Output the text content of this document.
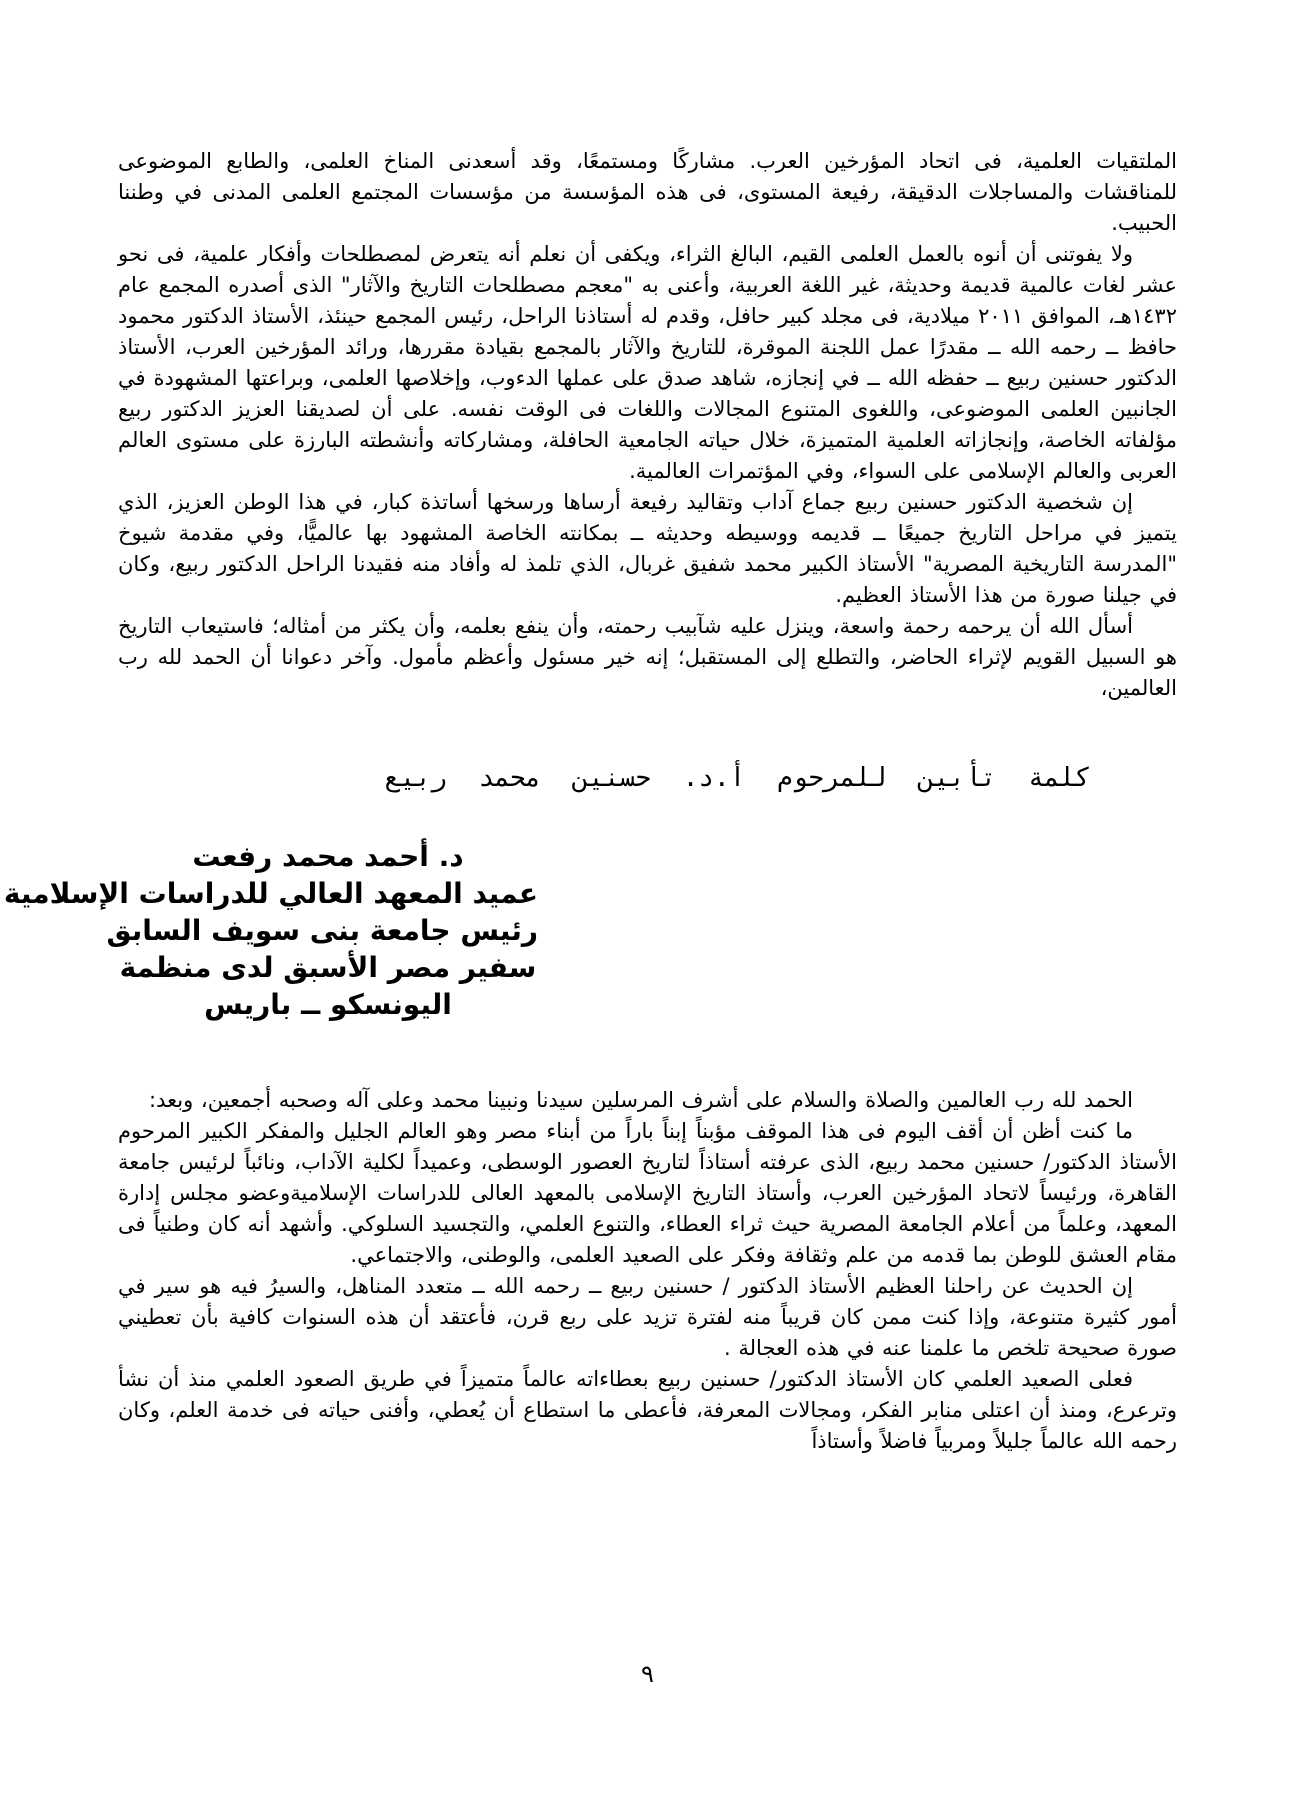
الملتقيات العلمية، فى اتحاد المؤرخين العرب. مشاركًا ومستمعًا، وقد أسعدنى المناخ العلمى، والطابع الموضوعى للمناقشات والمساجلات الدقيقة، رفيعة المستوى، فى هذه المؤسسة من مؤسسات المجتمع العلمى المدنى في وطننا الحبيب.

ولا يفوتنى أن أنوه بالعمل العلمى القيم، البالغ الثراء، ويكفى أن نعلم أنه يتعرض لمصطلحات وأفكار علمية، فى نحو عشر لغات عالمية قديمة وحديثة، غير اللغة العربية، وأعنى به "معجم مصطلحات التاريخ والآثار" الذى أصدره المجمع عام ١٤٣٢هـ، الموافق ٢٠١١ ميلادية، فى مجلد كبير حافل، وقدم له أستاذنا الراحل، رئيس المجمع حينئذ، الأستاذ الدكتور محمود حافظ ــ رحمه الله ــ مقدرًا عمل اللجنة الموقرة، للتاريخ والآثار بالمجمع بقيادة مقررها، ورائد المؤرخين العرب، الأستاذ الدكتور حسنين ربيع ــ حفظه الله ــ في إنجازه، شاهد صدق على عملها الدءوب، وإخلاصها العلمى، وبراعتها المشهودة في الجانبين العلمى الموضوعى، واللغوى المتنوع المجالات واللغات فى الوقت نفسه. على أن لصديقنا العزيز الدكتور ربيع مؤلفاته الخاصة، وإنجازاته العلمية المتميزة، خلال حياته الجامعية الحافلة، ومشاركاته وأنشطته البارزة على مستوى العالم العربى والعالم الإسلامى على السواء، وفي المؤتمرات العالمية.

إن شخصية الدكتور حسنين ربيع جماع آداب وتقاليد رفيعة أرساها ورسخها أساتذة كبار، في هذا الوطن العزيز، الذي يتميز في مراحل التاريخ جميعًا ــ قديمه ووسيطه وحديثه ــ بمكانته الخاصة المشهود بها عالميًّا، وفي مقدمة شيوخ "المدرسة التاريخية المصرية" الأستاذ الكبير محمد شفيق غربال، الذي تلمذ له وأفاد منه فقيدنا الراحل الدكتور ربيع، وكان في جيلنا صورة من هذا الأستاذ العظيم.

أسأل الله أن يرحمه رحمة واسعة، وينزل عليه شآبيب رحمته، وأن ينفع بعلمه، وأن يكثر من أمثاله؛ فاستيعاب التاريخ هو السبيل القويم لإثراء الحاضر، والتطلع إلى المستقبل؛ إنه خير مسئول وأعظم مأمول. وآخر دعوانا أن الحمد لله رب العالمين،

كلمة تأبين للمرحوم أ.د. حسنين محمد ربيع
د. أحمد محمد رفعت
عميد المعهد العالي للدراسات الإسلامية
رئيس جامعة بنى سويف السابق
سفير مصر الأسبق لدى منظمة
اليونسكو ــ باريس

الحمد لله رب العالمين والصلاة والسلام على أشرف المرسلين سيدنا ونبينا محمد وعلى آله وصحبه أجمعين، وبعد:

ما كنت أظن أن أقف اليوم فى هذا الموقف مؤبناً إبناً باراً من أبناء مصر وهو العالم الجليل والمفكر الكبير المرحوم الأستاذ الدكتور/ حسنين محمد ربيع، الذى عرفته أستاذاً لتاريخ العصور الوسطى، وعميداً لكلية الآداب، ونائباً لرئيس جامعة القاهرة، ورئيساً لاتحاد المؤرخين العرب، وأستاذ التاريخ الإسلامى بالمعهد العالى للدراسات الإسلاميةوعضو مجلس إدارة المعهد، وعلماً من أعلام الجامعة المصرية حيث ثراء العطاء، والتنوع العلمي، والتجسيد السلوكي. وأشهد أنه كان وطنياً فى مقام العشق للوطن بما قدمه من علم وثقافة وفكر على الصعيد العلمى، والوطنى، والاجتماعي.

إن الحديث عن راحلنا العظيم الأستاذ الدكتور / حسنين ربيع ــ رحمه الله ــ متعدد المناهل، والسيرُ فيه هو سير في أمور كثيرة متنوعة، وإذا كنت ممن كان قريباً منه لفترة تزيد على ربع قرن، فأعتقد أن هذه السنوات كافية بأن تعطيني صورة صحيحة تلخص ما علمنا عنه في هذه العجالة .

فعلى الصعيد العلمي كان الأستاذ الدكتور/ حسنين ربيع بعطاءاته عالماً متميزاً في طريق الصعود العلمي منذ أن نشأ وترعرع، ومنذ أن اعتلى منابر الفكر، ومجالات المعرفة، فأعطى ما استطاع أن يُعطي، وأفنى حياته فى خدمة العلم، وكان رحمه الله عالماً جليلاً ومربياً فاضلاً وأستاذاً

٩
